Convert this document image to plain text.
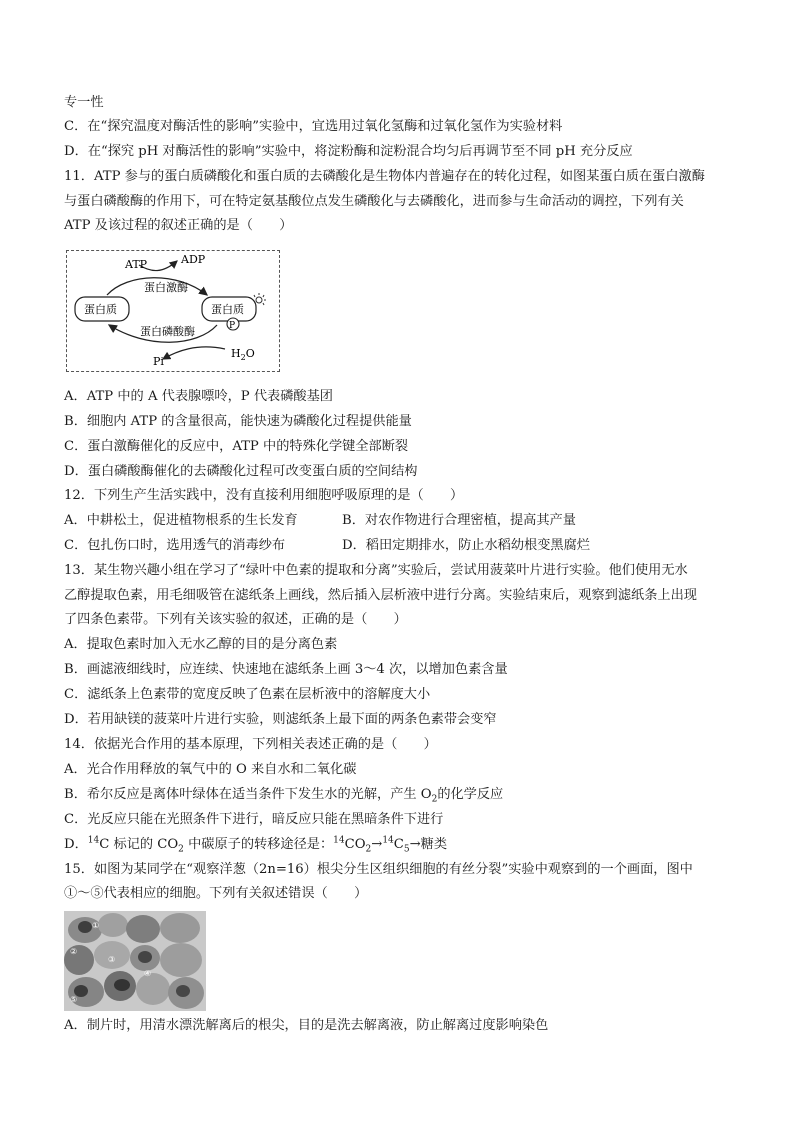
专一性
C．在“探究温度对酶活性的影响”实验中，宜选用过氧化氢酶和过氧化氢作为实验材料
D．在“探究 pH 对酶活性的影响”实验中，将淀粉酶和淀粉混合均匀后再调节至不同 pH 充分反应
11．ATP 参与的蛋白质磷酸化和蛋白质的去磷酸化是生物体内普遍存在的转化过程，如图某蛋白质在蛋白激酶
与蛋白磷酸酶的作用下，可在特定氨基酸位点发生磷酸化与去磷酸化，进而参与生命活动的调控，下列有关
ATP 及该过程的叙述正确的是（　　）
ATP	ADP
蛋白激酶
蛋白质	蛋白质
P
蛋白磷酸酶
Pi
$H_2O$
A．ATP 中的 A 代表腺嘌呤，P 代表磷酸基团
B．细胞内 ATP 的含量很高，能快速为磷酸化过程提供能量
C．蛋白激酶催化的反应中，ATP 中的特殊化学键全部断裂
D．蛋白磷酸酶催化的去磷酸化过程可改变蛋白质的空间结构
12．下列生产生活实践中，没有直接利用细胞呼吸原理的是（　　）
A．中耕松土，促进植物根系的生长发育	B．对农作物进行合理密植，提高其产量
C．包扎伤口时，选用透气的消毒纱布	D．稻田定期排水，防止水稻幼根变黑腐烂
13．某生物兴趣小组在学习了“绿叶中色素的提取和分离”实验后，尝试用菠菜叶片进行实验。他们使用无水
乙醇提取色素，用毛细吸管在滤纸条上画线，然后插入层析液中进行分离。实验结束后，观察到滤纸条上出现
了四条色素带。下列有关该实验的叙述，正确的是（　　）
A．提取色素时加入无水乙醇的目的是分离色素
B．画滤液细线时，应连续、快速地在滤纸条上画 3～4 次，以增加色素含量
C．滤纸条上色素带的宽度反映了色素在层析液中的溶解度大小
D．若用缺镁的菠菜叶片进行实验，则滤纸条上最下面的两条色素带会变窄
14．依据光合作用的基本原理，下列相关表述正确的是（　　）
A．光合作用释放的氧气中的 O 来自水和二氧化碳
B．希尔反应是离体叶绿体在适当条件下发生水的光解，产生 $O_2$的化学反应
C．光反应只能在光照条件下进行，暗反应只能在黑暗条件下进行
D．$^{14}$C 标记的 $CO_2$ 中碳原子的转移途径是：$^{14}CO_2\to^{14}C_5\to$糖类
15．如图为某同学在“观察洋葱（2n=16）根尖分生区组织细胞的有丝分裂”实验中观察到的一个画面，图中
①～⑤代表相应的细胞。下列有关叙述错误（　　）
①
②
③
④
⑤
A．制片时，用清水漂洗解离后的根尖，目的是洗去解离液，防止解离过度影响染色
